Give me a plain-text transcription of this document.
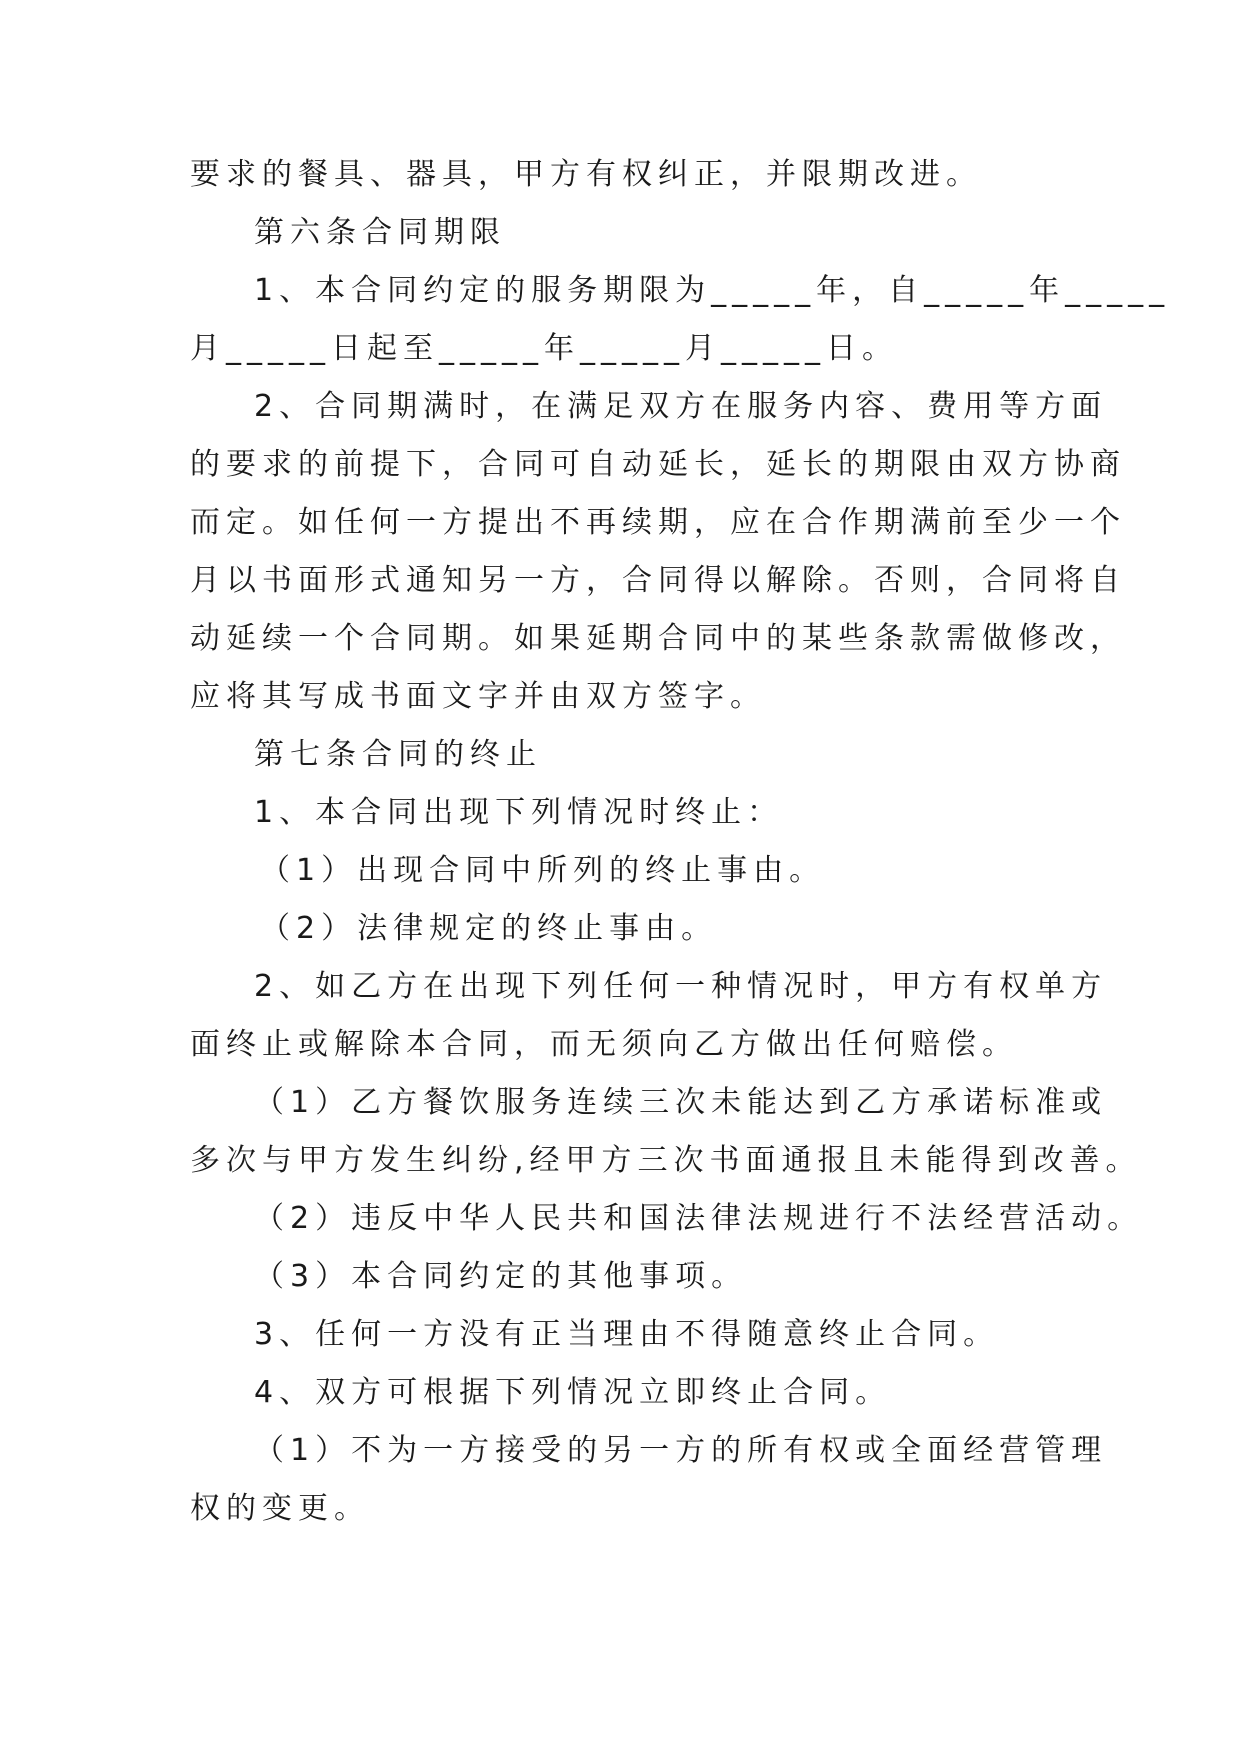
要求的餐具、器具，甲方有权纠正，并限期改进。
第六条合同期限
1、本合同约定的服务期限为_____年，自_____年_____
月_____日起至_____年_____月_____日。
2、合同期满时，在满足双方在服务内容、费用等方面
的要求的前提下，合同可自动延长，延长的期限由双方协商
而定。如任何一方提出不再续期，应在合作期满前至少一个
月以书面形式通知另一方，合同得以解除。否则，合同将自
动延续一个合同期。如果延期合同中的某些条款需做修改，
应将其写成书面文字并由双方签字。
第七条合同的终止
1、本合同出现下列情况时终止：
（1）出现合同中所列的终止事由。
（2）法律规定的终止事由。
2、如乙方在出现下列任何一种情况时，甲方有权单方
面终止或解除本合同，而无须向乙方做出任何赔偿。
（1）乙方餐饮服务连续三次未能达到乙方承诺标准或
多次与甲方发生纠纷,经甲方三次书面通报且未能得到改善。
（2）违反中华人民共和国法律法规进行不法经营活动。
（3）本合同约定的其他事项。
3、任何一方没有正当理由不得随意终止合同。
4、双方可根据下列情况立即终止合同。
（1）不为一方接受的另一方的所有权或全面经营管理
权的变更。
